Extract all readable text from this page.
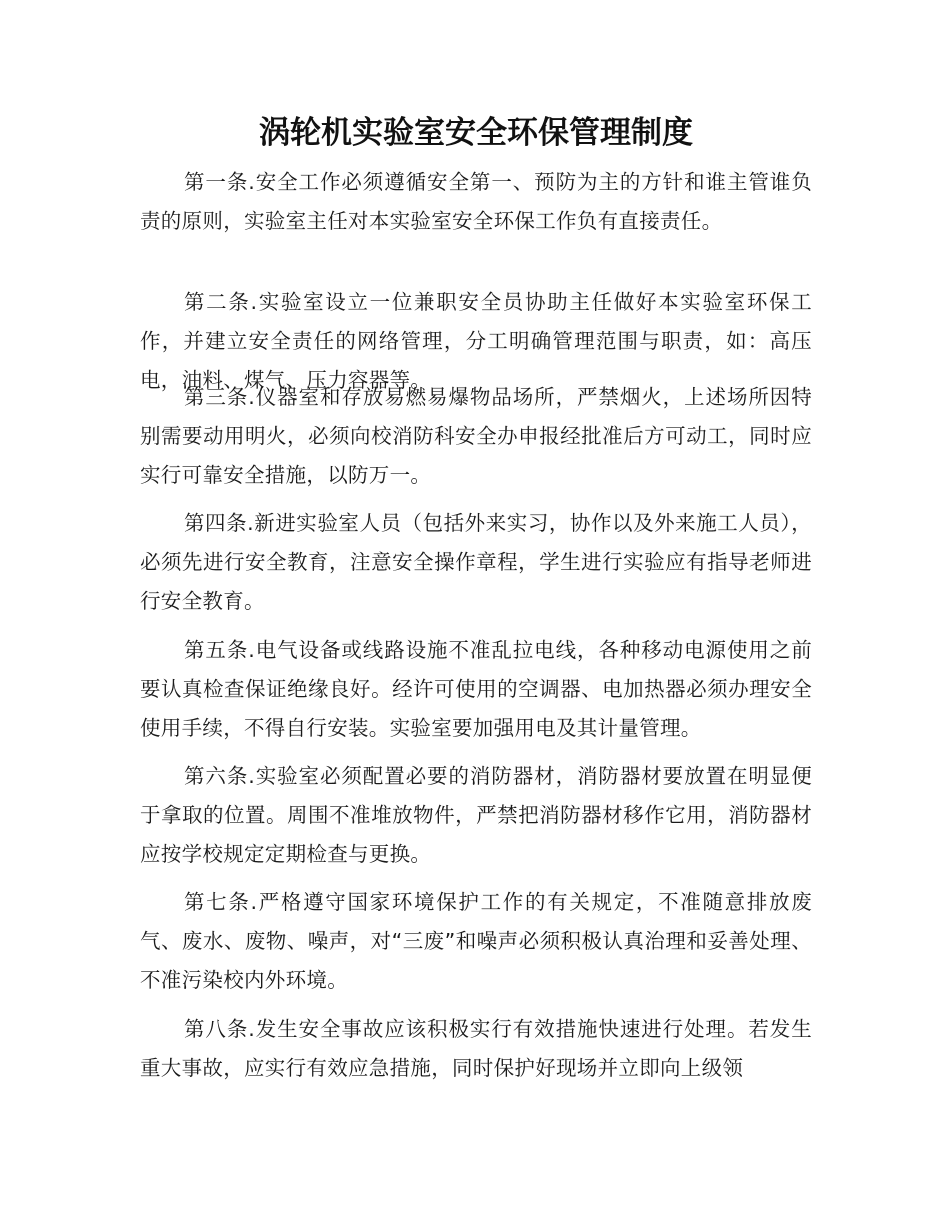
涡轮机实验室安全环保管理制度

第一条.安全工作必须遵循安全第一、预防为主的方针和谁主管谁负责的原则，实验室主任对本实验室安全环保工作负有直接责任。

第二条.实验室设立一位兼职安全员协助主任做好本实验室环保工作，并建立安全责任的网络管理，分工明确管理范围与职责，如：高压电，油料、煤气、压力容器等。

第三条.仪器室和存放易燃易爆物品场所，严禁烟火，上述场所因特别需要动用明火，必须向校消防科安全办申报经批准后方可动工，同时应实行可靠安全措施，以防万一。

第四条.新进实验室人员（包括外来实习，协作以及外来施工人员），必须先进行安全教育，注意安全操作章程，学生进行实验应有指导老师进行安全教育。

第五条.电气设备或线路设施不准乱拉电线，各种移动电源使用之前要认真检查保证绝缘良好。经许可使用的空调器、电加热器必须办理安全使用手续，不得自行安装。实验室要加强用电及其计量管理。

第六条.实验室必须配置必要的消防器材，消防器材要放置在明显便于拿取的位置。周围不准堆放物件，严禁把消防器材移作它用，消防器材应按学校规定定期检查与更换。

第七条.严格遵守国家环境保护工作的有关规定，不准随意排放废气、废水、废物、噪声，对“三废”和噪声必须积极认真治理和妥善处理、不准污染校内外环境。

第八条.发生安全事故应该积极实行有效措施快速进行处理。若发生重大事故，应实行有效应急措施，同时保护好现场并立即向上级领
